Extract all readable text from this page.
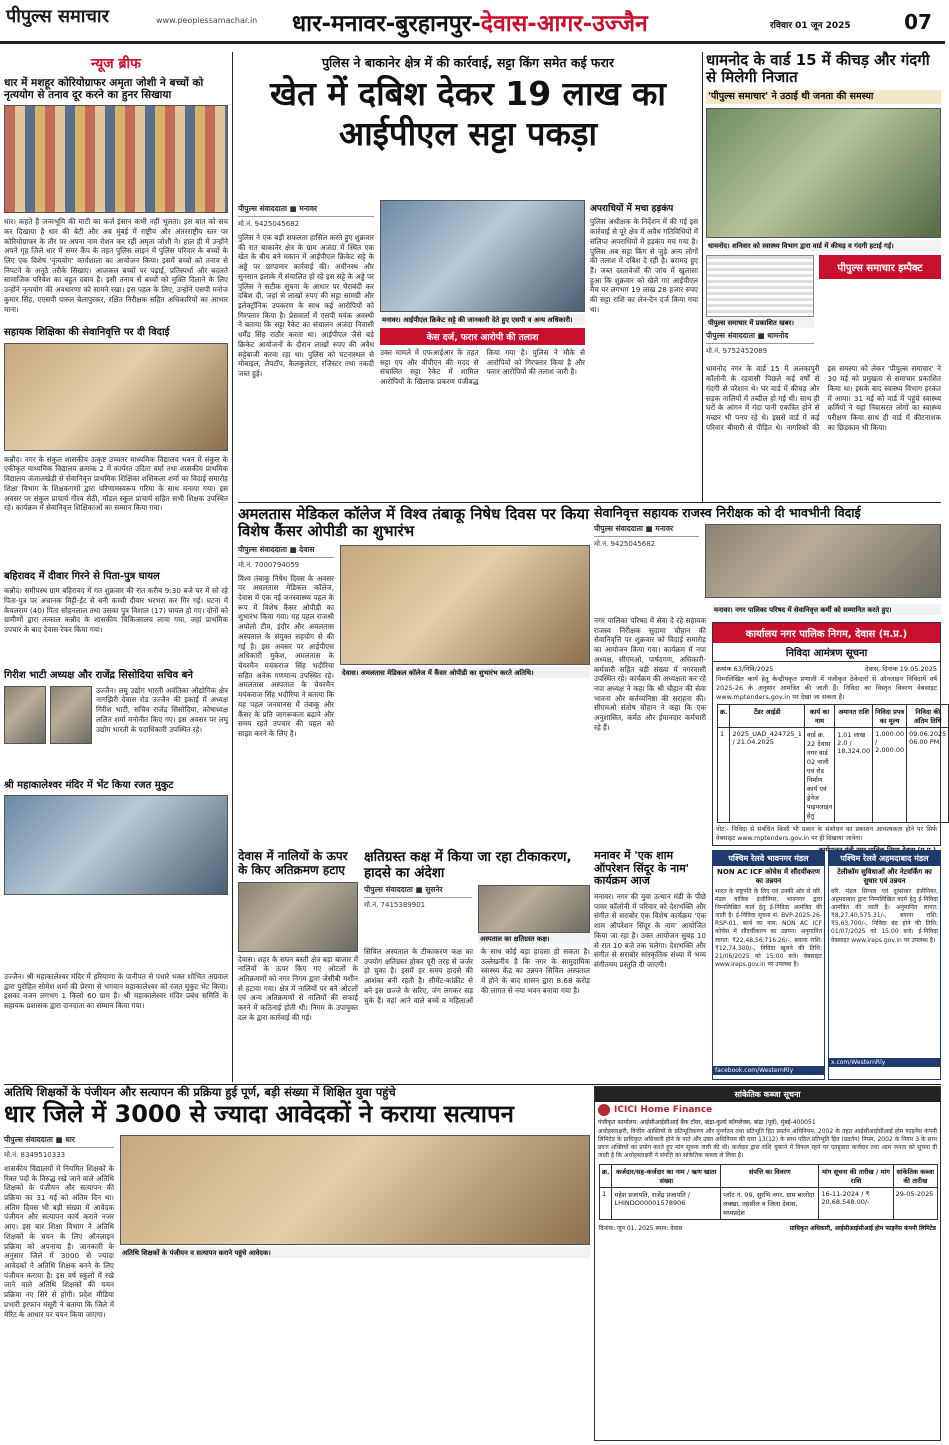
पीपुल्स समाचार	www.peoplessamachar.in	धार-मनावर-बुरहानपुर-देवास-आगर-उज्जैन	रविवार 01 जून 2025	07
न्यूज ब्रीफ
धार में मशहूर कोरियोग्राफर अमृता जोशी ने बच्चों को नृत्ययोग से तनाव दूर करने का हुनर सिखाया
धार। कहते हैं जन्मभूमि की माटी का कर्ज इंसान कभी नहीं भूलता। इस बात को सच कर दिखाया है धार की बेटी और अब मुंबई में राष्ट्रीय और अंतरराष्ट्रीय स्तर पर कोरियोग्राफर के तौर पर अपना नाम रोशन कर रहीं अमृता जोशी ने। हाल ही में उन्होंने अपने गृह जिले धार में समर कैंप के तहत पुलिस लाइन में पुलिस परिवार के बच्चों के लिए एक विशेष 'नृत्ययोग' कार्यशाला का आयोजन किया। इसमें बच्चों को तनाव से निपटने के अनूठे तरीके सिखाए। आजकल बच्चों पर पढ़ाई, प्रतिस्पर्धा और बदलते सामाजिक परिवेश का बहुत दबाव है। इसी तनाव से बच्चों को मुक्ति दिलाने के लिए उन्होंने नृत्ययोग की अवधारणा को सामने रखा। इस पहल के लिए, उन्होंने एसपी मनोज कुमार सिंह, एएसपी पारुल बेलापुरकर, रक्षित निरीक्षक सहित अधिकारियों का आभार माना।
सहायक शिक्षिका की सेवानिवृत्ति पर दी विदाई
कन्नौद। नगर के संकुल शासकीय उत्कृष्ट उच्चतर माध्यमिक विद्यालय भवन में संकुल के एकीकृत माध्यमिक विद्यालय क्रमांक 2 में कार्यरत उदिता वर्मा तथा शासकीय प्राथमिक विद्यालय जंजालखेड़ी से सेवानिवृत्त प्राथमिक शिक्षिका शशिकला शर्मा का विदाई समारोह शिक्षा विभाग के शिक्षकगणों द्वारा परिणामस्वरूप गरिमा के साथ मनाया गया। इस अवसर पर संकुल प्राचार्य गौरव सेठी, मॉडल स्कूल प्राचार्य सहित सभी शिक्षक उपस्थित रहे। कार्यक्रम में सेवानिवृत्त शिक्षिकाओं का सम्मान किया गया।
बहिरावद में दीवार गिरने से पिता-पुत्र घायल
कन्नौद। समीपस्थ ग्राम बहिरावद में गत शुक्रवार की रात करीब 9:30 बजे घर में सो रहे पिता-पुत्र पर अचानक मिट्टी-ईंट से बनी कच्ची दीवार भरभरा कर गिर गई। घटना में केवलराम (40) पिता सोहनलाल तथा उसका पुत्र विशाल (17) घायल हो गए। दोनों को ग्रामीणों द्वारा तत्काल कन्नौद के शासकीय चिकित्सालय लाया गया, जहां प्राथमिक उपचार के बाद देवास रेफर किया गया।
गिरीश भाटी अध्यक्ष और राजेंद्र सिसोदिया सचिव बने
उज्जैन। लघु उद्योग भारती अवंतिका औद्योगिक क्षेत्र नागझिरी देवास रोड उज्जैन की इकाई में अध्यक्ष गिरीश भाटी, सचिव राजेंद्र सिसोदिया, कोषाध्यक्ष ललित शर्मा मनोनीत किए गए। इस अवसर पर लघु उद्योग भारती के पदाधिकारी उपस्थित रहे।
श्री महाकालेश्वर मंदिर में भेंट किया रजत मुकुट
उज्जैन। श्री महाकालेश्वर मंदिर में हरियाणा के पानीपत से पधारे भक्त शोभित अग्रवाल द्वारा पुरोहित सोमेश शर्मा की प्रेरणा से भगवान महाकालेश्वर को रजत मुकुट भेंट किया। इसका वजन लगभग 1 किलो 60 ग्राम है। श्री महाकालेश्वर मंदिर प्रबंध समिति के सहायक प्रशासक द्वारा दानदाता का सम्मान किया गया।
पुलिस ने बाकानेर क्षेत्र में की कार्रवाई, सट्टा किंग समेत कई फरार
खेत में दबिश देकर 19 लाख का आईपीएल सट्टा पकड़ा
पीपुल्स संवाददाता ■ मनावर
मो.नं. 9425045682
पुलिस ने एक बड़ी सफलता हासिल करते हुए शुक्रवार की रात बाकानेर क्षेत्र के ग्राम अजंदा में स्थित एक खेत के बीच बने मकान में आईपीएल क्रिकेट सट्टे के अड्डे पर छापामार कार्रवाई की। अधीनस्थ और सुनसान इलाके में संचालित हो रहे इस सट्टे के अड्डे पर पुलिस ने सटीक सूचना के आधार पर घेराबंदी कर दबिश दी, जहां से लाखों रुपए की सट्टा सामग्री और इलेक्ट्रॉनिक उपकरण के साथ कई आरोपियों को गिरफ्तार किया है। प्रेसवार्ता में एसपी मयंक अवस्थी ने बताया कि सट्टा रैकेट का संचालन अजंदा निवासी धर्मेंद्र सिंह राठौर करता था। आईपीएल जैसे बड़े क्रिकेट आयोजनों के दौरान लाखों रुपए की अवैध सट्टेबाजी करवा रहा था। पुलिस को घटनास्थल से मोबाइल, लैपटॉप, कैलकुलेटर, रजिस्टर तथा नकदी जब्त हुई।
मनावर। आईपीएल क्रिकेट सट्टे की जानकारी देते हुए एसपी व अन्य अधिकारी।
केस दर्ज, फरार आरोपी की तलाश
उक्त मामले में एफआईआर के तहत सट्टा एप और वीपीएन की मदद से संचालित सट्टा रैकेट में शामिल आरोपियों के खिलाफ प्रकरण पंजीबद्ध किया गया है। पुलिस ने मौके से आरोपियों को गिरफ्तार किया है और फरार आरोपियों की तलाश जारी है।
अपराधियों में मचा हड़कंप
पुलिस अधीक्षक के निर्देशन में की गई इस कार्रवाई से पूरे क्षेत्र में अवैध गतिविधियों में संलिप्त अपराधियों में हड़कंप मच गया है। पुलिस अब सट्टा किंग से जुड़े अन्य लोगों की तलाश में दबिश दे रही है। बरामद हुए हैं। जब्त दस्तावेजों की जांच में खुलासा हुआ कि शुक्रवार को खेले गए आईपीएल मैच पर लगभग 19 लाख 28 हजार रुपए की सट्टा राशि का लेन-देन दर्ज किया गया था।
धामनोद के वार्ड 15 में कीचड़ और गंदगी से मिलेगी निजात
'पीपुल्स समाचार' ने उठाई थी जनता की समस्या
धामनोद। शनिवार को स्वास्थ्य विभाग द्वारा वार्ड में कीचड़ व गंदगी हटाई गई।
पीपुल्स समाचार में प्रकाशित खबर।
पीपुल्स संवाददाता ■ धामनोद
मो.नं. 9752452089
पीपुल्स समाचार इम्पैक्ट
धामनोद नगर के वार्ड 15 में अलकापुरी कॉलोनी के रहवासी पिछले कई वर्षों से गंदगी से परेशान थे। घर वार्ड में कीचड़ और सड़क नालियों में तब्दील हो गई थी। साथ ही घरों के आंगन में गंदा पानी एकत्रित होने से मच्छर भी पनप रहे थे। इससे वार्ड में कई परिवार बीमारी से पीड़ित थे। नागरिकों की इस समस्या को लेकर 'पीपुल्स समाचार' ने 30 मई को प्रमुखता से समाचार प्रकाशित किया था। इसके बाद स्वास्थ्य विभाग हरकत में आया। 31 मई को वार्ड में पहुंचे स्वास्थ्य कर्मियों ने यहां निवासरत लोगों का स्वास्थ्य परीक्षण किया साथ ही वार्ड में कीटनाशक का छिड़काव भी किया।
अमलतास मेडिकल कॉलेज में विश्व तंबाकू निषेध दिवस पर किया विशेष कैंसर ओपीडी का शुभारंभ
पीपुल्स संवाददाता ■ देवास
मो.नं. 7000794059
विश्व तंबाकू निषेध दिवस के अवसर पर अमलतास मेडिकल कॉलेज, देवास में एक नई जनस्वास्थ्य पहल के रूप में विशेष कैंसर ओपीडी का शुभारंभ किया गया। यह पहल राजश्री अपोलो टीम, इंदौर और अमलतास अस्पताल के संयुक्त सहयोग से की गई है। इस अवसर पर आईपीएस अधिकारी मुकेश, अमलतास के चेयरमैन मयंकराज सिंह भदौरिया सहित अनेक गणमान्य उपस्थित रहे। अमलतास अस्पताल के चेयरमैन मयंकराज सिंह भदौरिया ने बताया कि यह पहल जनमानस में तंबाकू और कैंसर के प्रति जागरूकता बढ़ाने और समय रहते उपचार की पहल को साझा करने के लिए है।
देवास। अमलतास मेडिकल कॉलेज में कैंसर ओपीडी का शुभारंभ करते अतिथि।
सेवानिवृत्त सहायक राजस्व निरीक्षक को दी भावभीनी विदाई
पीपुल्स संवाददाता ■ मनावर
मो.नं. 9425045682
नगर पालिका परिषद में सेवा दे रहे सहायक राजस्व निरीक्षक सुदामा चौहान की सेवानिवृत्ति पर शुक्रवार को विदाई समारोह का आयोजन किया गया। कार्यक्रम में नपा अध्यक्ष, सीएमओ, पार्षदगण, अधिकारी-कर्मचारी सहित बड़ी संख्या में नगरवासी उपस्थित रहे। कार्यक्रम की अध्यक्षता कर रहे नपा अध्यक्ष ने कहा कि श्री चौहान की सेवा भावना और कर्तव्यनिष्ठा की सराहना की। सीएमओ संतोष चौहान ने कहा कि एक अनुशासित, कर्मठ और ईमानदार कर्मचारी रहे हैं।
मनावर। नगर पालिका परिषद में सेवानिवृत्त कर्मी को सम्मानित करते हुए।
कार्यालय नगर पालिक निगम, देवास (म.प्र.)
निविदा आमंत्रण सूचना
क्रमांक 63/निवि/2025	देवास, दिनांक 19.05.2025
निम्नलिखित कार्य हेतु केन्द्रीयकृत प्रणाली में पंजीकृत ठेकेदारों से ऑनलाइन निविदायें वर्ष 2025-26 के अनुसार आमंत्रित की जाती हैं। निविदा का विस्तृत विवरण वेबसाइट www.mptenders.gov.in पर देखा जा सकता है।
क्र.	टेंडर आईडी	कार्य का नाम	अमानत राशि	निविदा प्रपत्र का मूल्य	निविदा की अंतिम तिथि
1	2025_UAD_424725_1 / 21.04.2025	वार्ड क्र. 22 देवास नगर वार्ड 02 नाली एवं रोड निर्माण कार्य एवं ड्रेनेज पाइपलाइन हेतु	1.01 लाख 2.0 / 18,324.00	1,000.00 / 2,000.00	09.06.2025 06.00 PM
नोट:- निविदा से संबंधित किसी भी प्रकार के संशोधन का प्रकाशन आवश्यकता होने पर सिर्फ वेबसाइट www.mptenders.gov.in पर ही दिखाया जावेगा।
देवास में नालियों के ऊपर के किए अतिक्रमण हटाए
देवास। शहर के सघन बस्ती क्षेत्र बड़ा बाजार में नालियों के ऊपर किए गए ओटलों के अतिक्रमणों को नगर निगम द्वारा जेसीबी मशीन से हटाया गया। क्षेत्र में नालियों पर बने ओटलों एवं अन्य अतिक्रमणों से नालियों की सफाई करने में कठिनाई होती थी। निगम के उपायुक्त दल के द्वारा कार्रवाई की गई।
क्षतिग्रस्त कक्ष में किया जा रहा टीकाकरण, हादसे का अंदेशा
पीपुल्स संवाददाता ■ सुसनेर
मो.नं. 7415389901
अस्पताल का क्षतिग्रस्त कक्ष।
सिविल अस्पताल के टीकाकरण कक्ष का उपयोग क्षतिग्रस्त होकर पूरी तरह से जर्जर हो चुका है। इसमें हर समय हादसे की आशंका बनी रहती है। सीमेंट-कांक्रीट से बने इस छज्जे के सरिए, जंग लगकर सड़ चुके हैं। वहां आने वाले बच्चे व महिलाओं के साथ कोई बड़ा हादसा हो सकता है। उल्लेखनीय है कि नगर के सामुदायिक स्वास्थ्य केंद्र का उन्नयन सिविल अस्पताल में होने के बाद शासन द्वारा 8.68 करोड़ की लागत से नया भवन बनाया गया है।
मनावर में 'एक शाम ऑपरेशन सिंदूर के नाम' कार्यक्रम आज
मनावर। नगर की युवा उत्थान मंडी के पीछे पावर कॉलोनी में परिवार को देशभक्ति और संगीत से सराबोर एक विशेष कार्यक्रम 'एक शाम ऑपरेशन सिंदूर के नाम' आयोजित किया जा रहा है। उक्त आयोजन सुबह 10 से रात 10 बजे तक चलेगा। देशभक्ति और संगीत से सराबोर सांस्कृतिक संध्या में भव्य संगीतमय प्रस्तुति दी जाएगी।
पश्चिम रेलवे भावनगर मंडल
NON AC ICF कोचेस में सौंदर्यीकरण का उन्नयन
भारत के राष्ट्रपति के लिए एवं उनकी ओर से वरि. मंडल यांत्रिक इंजीनियर, भावनगर द्वारा निम्नलिखित कार्य हेतु ई-निविदा आमंत्रित की जाती है। ई-निविदा सूचना सं. BVP-2025-26-RSP-01, कार्य का नाम: NON AC ICF कोचेस में सौंदर्यीकरण का उन्नयन। अनुमानित लागत: ₹22,48,56,716.26/-, बयाना राशि: ₹12,74,300/-, निविदा खुलने की तिथि: 21/06/2025 को 15:00 बजे। वेबसाइट www.ireps.gov.in पर उपलब्ध है।
facebook.com/WesternRly
पश्चिम रेलवे अहमदाबाद मंडल
टेलीकॉम सुविधाओं और नेटवर्किंग का सुधार एवं उन्नयन
वरि. मंडल सिग्नल एवं दूरसंचार इंजीनियर, अहमदाबाद द्वारा निम्नलिखित कार्य हेतु ई-निविदा आमंत्रित की जाती है। अनुमानित लागत: ₹8,27,40,575.31/-, बयाना राशि: ₹5,63,700/-, निविदा बंद होने की तिथि: 01/07/2025 को 15:00 बजे। ई-निविदा वेबसाइट www.ireps.gov.in पर उपलब्ध है।
x.com/WesternRly
अतिथि शिक्षकों के पंजीयन और सत्यापन की प्रक्रिया हुई पूर्ण, बड़ी संख्या में शिक्षित युवा पहुंचे
धार जिले में 3000 से ज्यादा आवेदकों ने कराया सत्यापन
पीपुल्स संवाददाता ■ धार
मो.नं. 8349510333
शासकीय विद्यालयों में नियमित शिक्षकों के रिक्त पदों के विरुद्ध रखे जाने वाले अतिथि शिक्षकों के पंजीयन और सत्यापन की प्रक्रिया का 31 मई को अंतिम दिन था। अंतिम दिवस भी बड़ी संख्या में आवेदक पंजीयन और सत्यापन कार्य कराने नजर आए। इस बार शिक्षा विभाग ने अतिथि शिक्षकों के चयन के लिए ऑनलाइन प्रक्रिया को अपनाया है। जानकारी के अनुसार जिले में 3000 से ज्यादा आवेदकों ने अतिथि शिक्षक बनने के लिए पंजीयन कराया है। इस वर्ष स्कूलों में रखे जाने वाले अतिथि शिक्षकों की चयन प्रक्रिया नए सिरे से होगी। प्रदेश मीडिया प्रभारी इरफान मंसूरी ने बताया कि जिले में मेरिट के आधार पर चयन किया जाएगा।
अतिथि शिक्षकों के पंजीयन व सत्यापन कराने पहुंचे आवेदक।
सांकेतिक कब्जा सूचना
ICICI Home Finance
पंजीकृत कार्यालय: आईसीआईसीआई बैंक टॉवर, बांद्रा-कुर्ला कॉम्प्लेक्स, बांद्रा (पूर्व), मुंबई-400051
अधोहस्ताक्षरी, वित्तीय आस्तियों के प्रतिभूतिकरण और पुनर्गठन तथा प्रतिभूति हित प्रवर्तन अधिनियम, 2002 के तहत आईसीआईसीआई होम फाइनेंस कंपनी लिमिटेड के प्राधिकृत अधिकारी होने के नाते और उक्त अधिनियम की धारा 13(12) के साथ पठित प्रतिभूति हित (प्रवर्तन) नियम, 2002 के नियम 3 के साथ प्रदत्त शक्तियों का प्रयोग करते हुए मांग सूचना जारी की थी। कर्जदार द्वारा राशि चुकाने में विफल रहने पर एतद्द्वारा कर्जदार तथा आम जनता को सूचना दी जाती है कि अधोहस्ताक्षरी ने संपत्ति का सांकेतिक कब्जा ले लिया है।
क्र.	कर्जदार/सह-कर्जदार का नाम / ऋण खाता संख्या	संपत्ति का विवरण	मांग सूचना की तारीख / मांग राशि	सांकेतिक कब्जा की तारीख
1	महेश प्रजापति, राजेंद्र प्रजापति / LHINDO00001578906	प्लॉट नं. 09, सुरभि नगर, ग्राम बालोदा लक्खा, तहसील व जिला देवास, मध्यप्रदेश	16-11-2024 / ₹ 20,68,548.00/-	29-05-2025
दिनांक: जून 01, 2025 स्थान: देवास	प्राधिकृत अधिकारी, आईसीआईसीआई होम फाइनेंस कंपनी लिमिटेड
